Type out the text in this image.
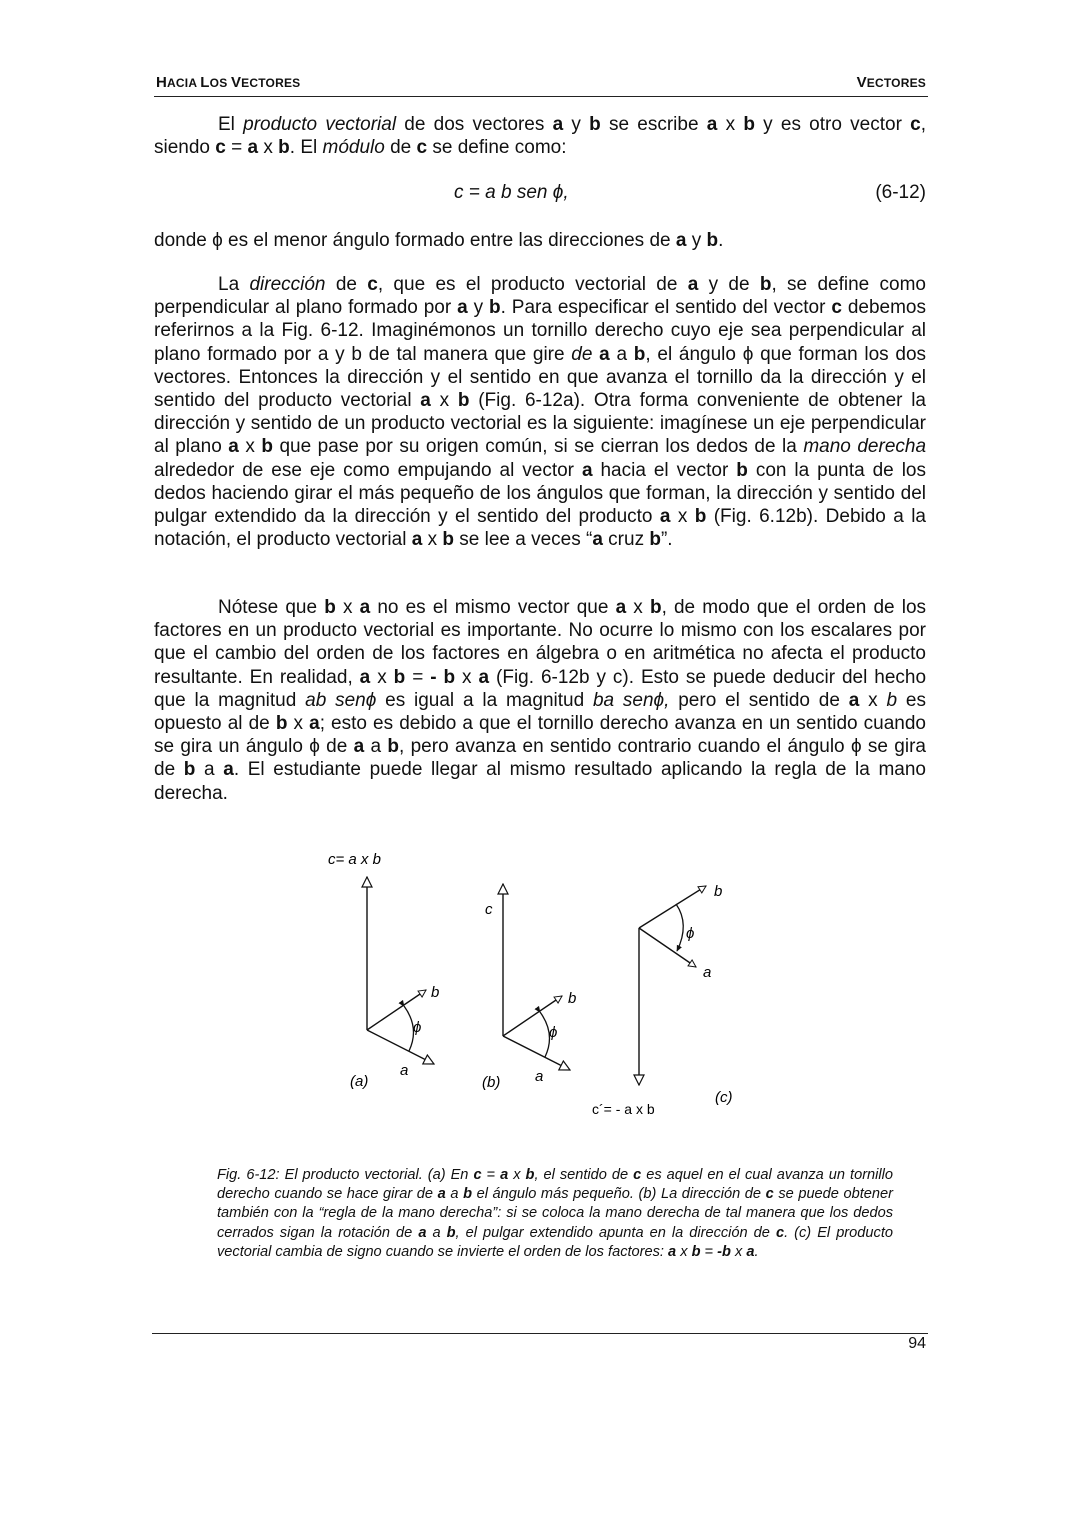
HACIA LOS VECTORES	VECTORES
El producto vectorial de dos vectores a y b se escribe a x b y es otro vector c, siendo c = a x b. El módulo de c se define como:
c = a b sen ϕ,	(6-12)
donde ϕ es el menor ángulo formado entre las direcciones de a y b.
La dirección de c, que es el producto vectorial de a y de b, se define como perpendicular al plano formado por a y b. Para especificar el sentido del vector c debemos referirnos a la Fig. 6-12. Imaginémonos un tornillo derecho cuyo eje sea perpendicular al plano formado por a y b de tal manera que gire de a a b, el ángulo ϕ que forman los dos vectores. Entonces la dirección y el sentido en que avanza el tornillo da la dirección y el sentido del producto vectorial a x b (Fig. 6-12a). Otra forma conveniente de obtener la dirección y sentido de un producto vectorial es la siguiente: imagínese un eje perpendicular al plano a x b que pase por su origen común, si se cierran los dedos de la mano derecha alrededor de ese eje como empujando al vector a hacia el vector b con la punta de los dedos haciendo girar el más pequeño de los ángulos que forman, la dirección y sentido del pulgar extendido da la dirección y el sentido del producto a x b (Fig. 6.12b). Debido a la notación, el producto vectorial a x b se lee a veces “a cruz b”.
Nótese que b x a no es el mismo vector que a x b, de modo que el orden de los factores en un producto vectorial es importante. No ocurre lo mismo con los escalares por que el cambio del orden de los factores en álgebra o en aritmética no afecta el producto resultante. En realidad, a x b = - b x a (Fig. 6-12b y c). Esto se puede deducir del hecho que la magnitud ab senϕ es igual a la magnitud ba senϕ, pero el sentido de a x b es opuesto al de b x a; esto es debido a que el tornillo derecho avanza en un sentido cuando se gira un ángulo ϕ de a a b, pero avanza en sentido contrario cuando el ángulo ϕ se gira de b a a. El estudiante puede llegar al mismo resultado aplicando la regla de la mano derecha.
c= a x b
b
ϕ
a
(a)
c
b
ϕ
a
(b)
b
ϕ
a
c´= - a x b
(c)
Fig. 6-12: El producto vectorial. (a) En c = a x b, el sentido de c es aquel en el cual avanza un tornillo derecho cuando se hace girar de a a b el ángulo más pequeño. (b) La dirección de c se puede obtener también con la “regla de la mano derecha”: si se coloca la mano derecha de tal manera que los dedos cerrados sigan la rotación de a a b, el pulgar extendido apunta en la dirección de c. (c) El producto vectorial cambia de signo cuando se invierte el orden de los factores: a x b = -b x a.
94
